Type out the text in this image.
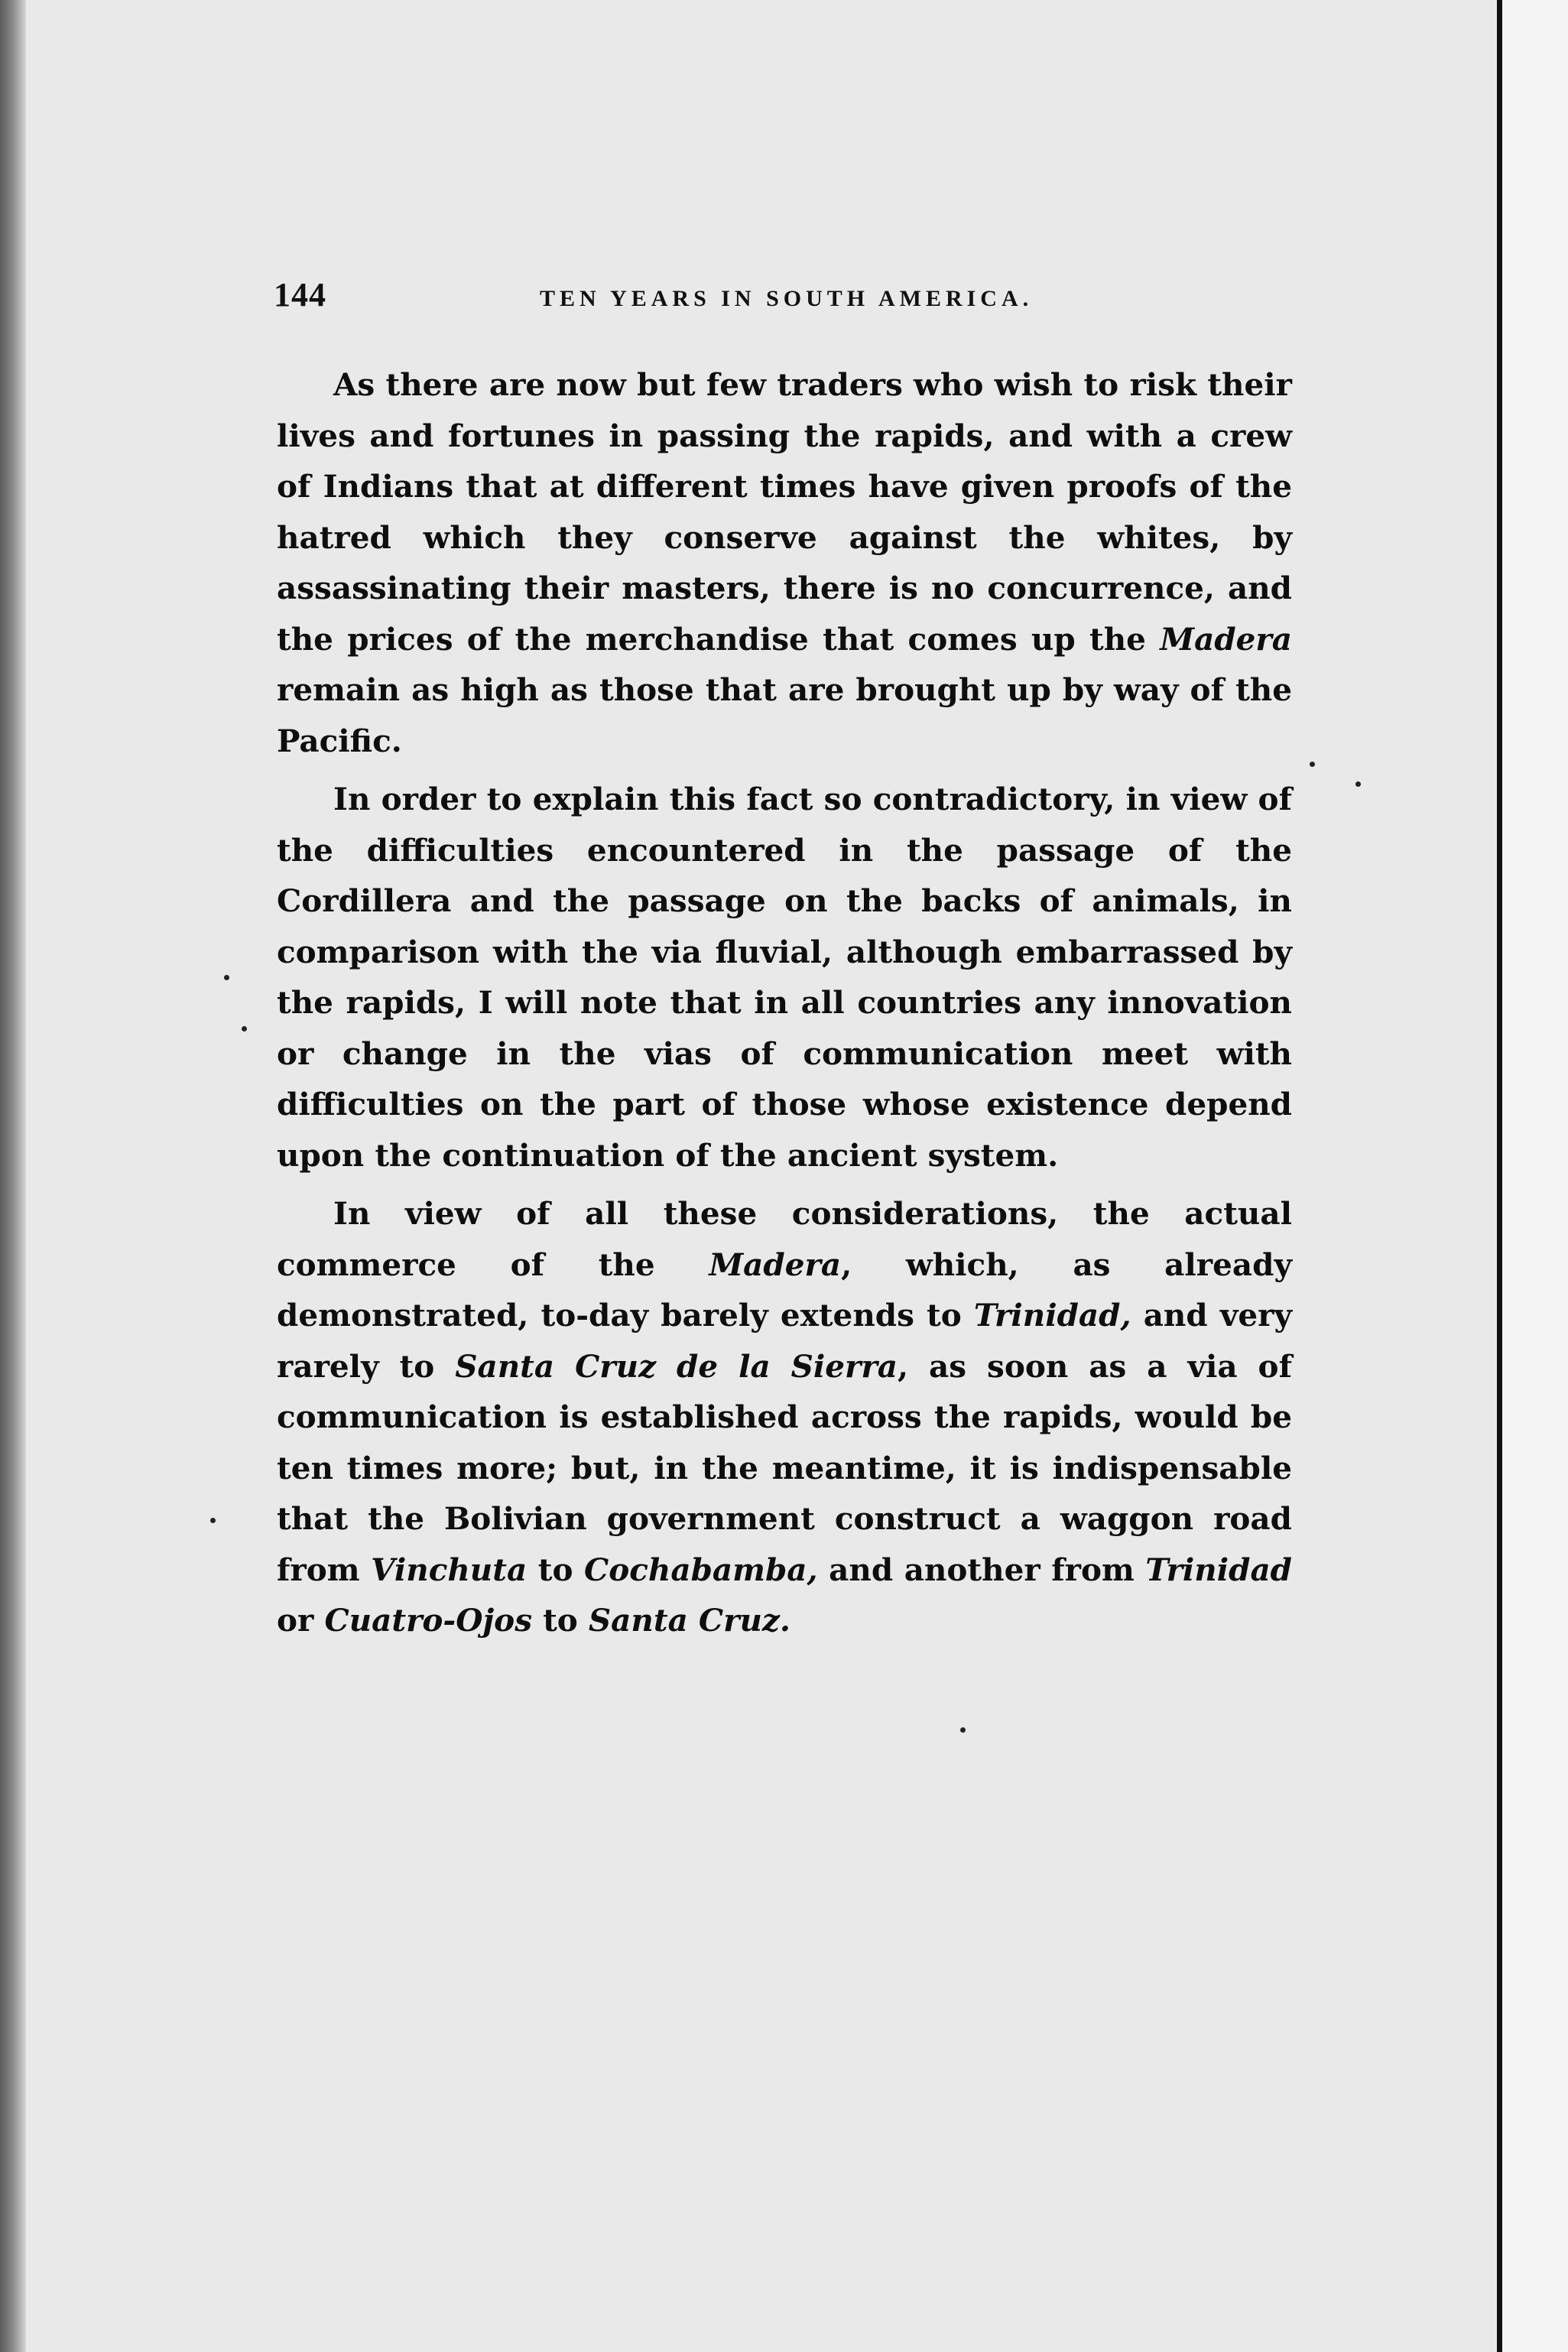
144	TEN YEARS IN SOUTH AMERICA.

As there are now but few traders who wish to risk their lives and fortunes in passing the rapids, and with a crew of Indians that at different times have given proofs of the hatred which they conserve against the whites, by assassinating their masters, there is no concurrence, and the prices of the merchandise that comes up the Madera remain as high as those that are brought up by way of the Pacific.

In order to explain this fact so contradictory, in view of the difficulties encountered in the passage of the Cordillera and the passage on the backs of animals, in comparison with the via fluvial, although embarrassed by the rapids, I will note that in all countries any innovation or change in the vias of communication meet with difficulties on the part of those whose existence depend upon the continuation of the ancient system.

In view of all these considerations, the actual commerce of the Madera, which, as already demonstrated, to-day barely extends to Trinidad, and very rarely to Santa Cruz de la Sierra, as soon as a via of communication is established across the rapids, would be ten times more; but, in the meantime, it is indispensable that the Bolivian government construct a waggon road from Vinchuta to Cochabamba, and another from Trinidad or Cuatro-Ojos to Santa Cruz.
